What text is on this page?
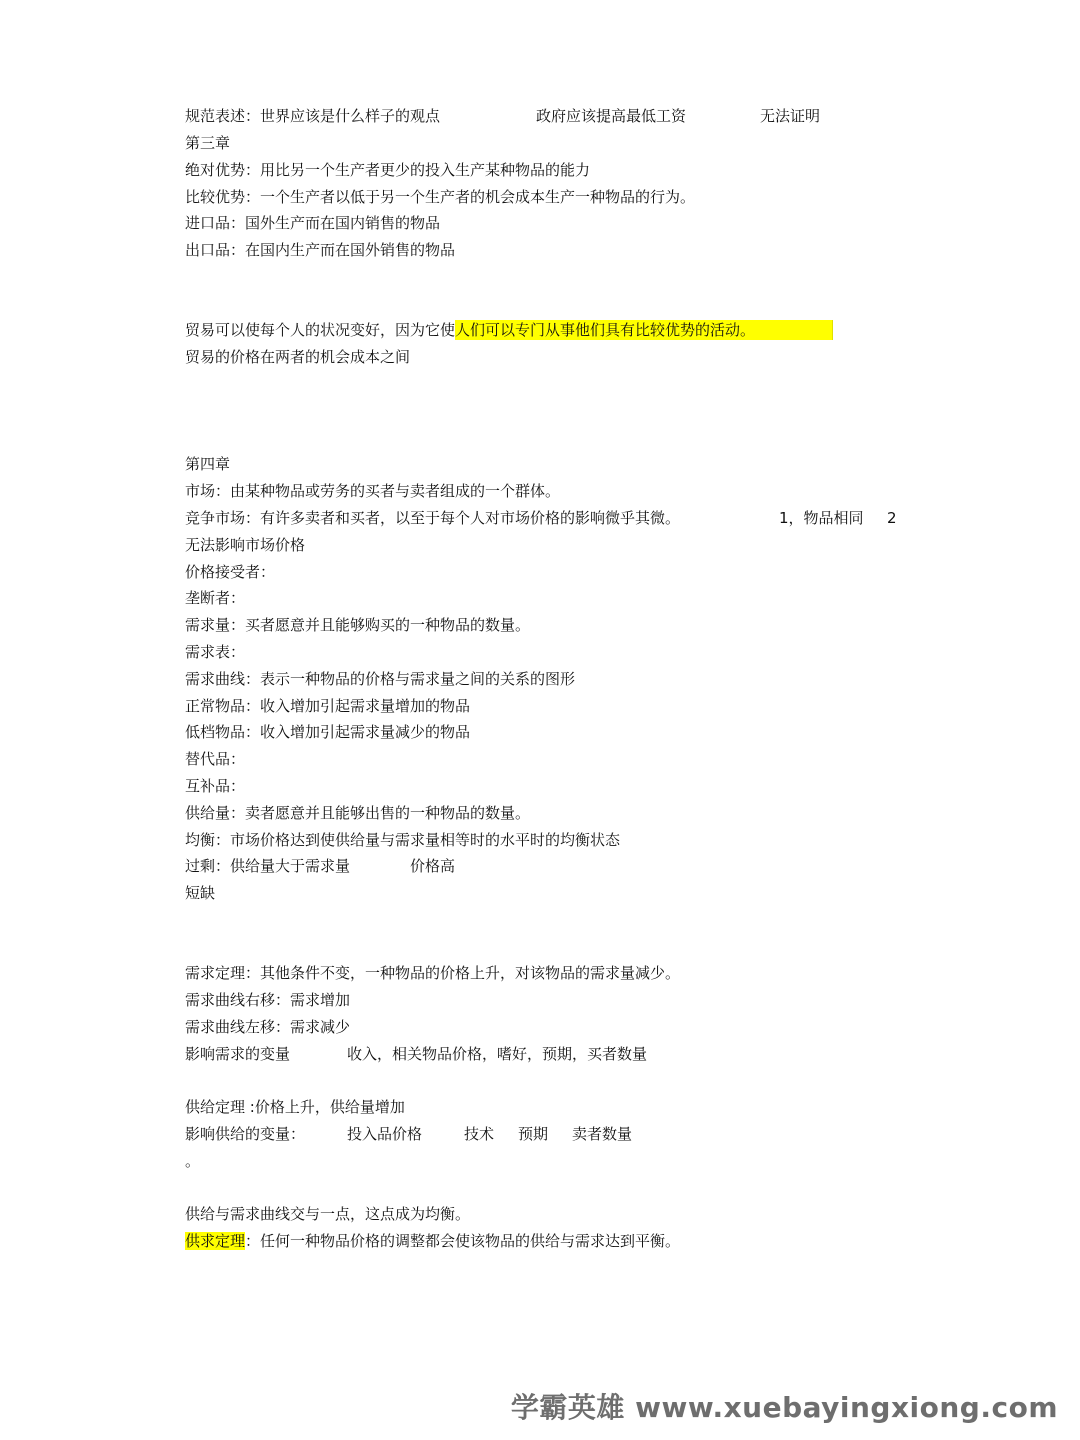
规范表述：世界应该是什么样子的观点	政府应该提高最低工资	无法证明
第三章
绝对优势：用比另一个生产者更少的投入生产某种物品的能力
比较优势：一个生产者以低于另一个生产者的机会成本生产一种物品的行为。
进口品：国外生产而在国内销售的物品
出口品：在国内生产而在国外销售的物品
贸易可以使每个人的状况变好，因为它使人们可以专门从事他们具有比较优势的活动。
贸易的价格在两者的机会成本之间
第四章
市场：由某种物品或劳务的买者与卖者组成的一个群体。
竞争市场：有许多卖者和买者，以至于每个人对市场价格的影响微乎其微。	1，物品相同 2
无法影响市场价格
价格接受者：
垄断者：
需求量：买者愿意并且能够购买的一种物品的数量。
需求表：
需求曲线：表示一种物品的价格与需求量之间的关系的图形
正常物品：收入增加引起需求量增加的物品
低档物品：收入增加引起需求量减少的物品
替代品：
互补品：
供给量：卖者愿意并且能够出售的一种物品的数量。
均衡：市场价格达到使供给量与需求量相等时的水平时的均衡状态
过剩：供给量大于需求量	价格高
短缺
需求定理：其他条件不变，一种物品的价格上升，对该物品的需求量减少。
需求曲线右移：需求增加
需求曲线左移：需求减少
影响需求的变量	收入，相关物品价格，嗜好，预期，买者数量
供给定理 :价格上升，供给量增加
影响供给的变量：	投入品价格	技术 预期 卖者数量
。
供给与需求曲线交与一点，这点成为均衡。
供求定理：任何一种物品价格的调整都会使该物品的供给与需求达到平衡。
学霸英雄 www.xuebayingxiong.com
